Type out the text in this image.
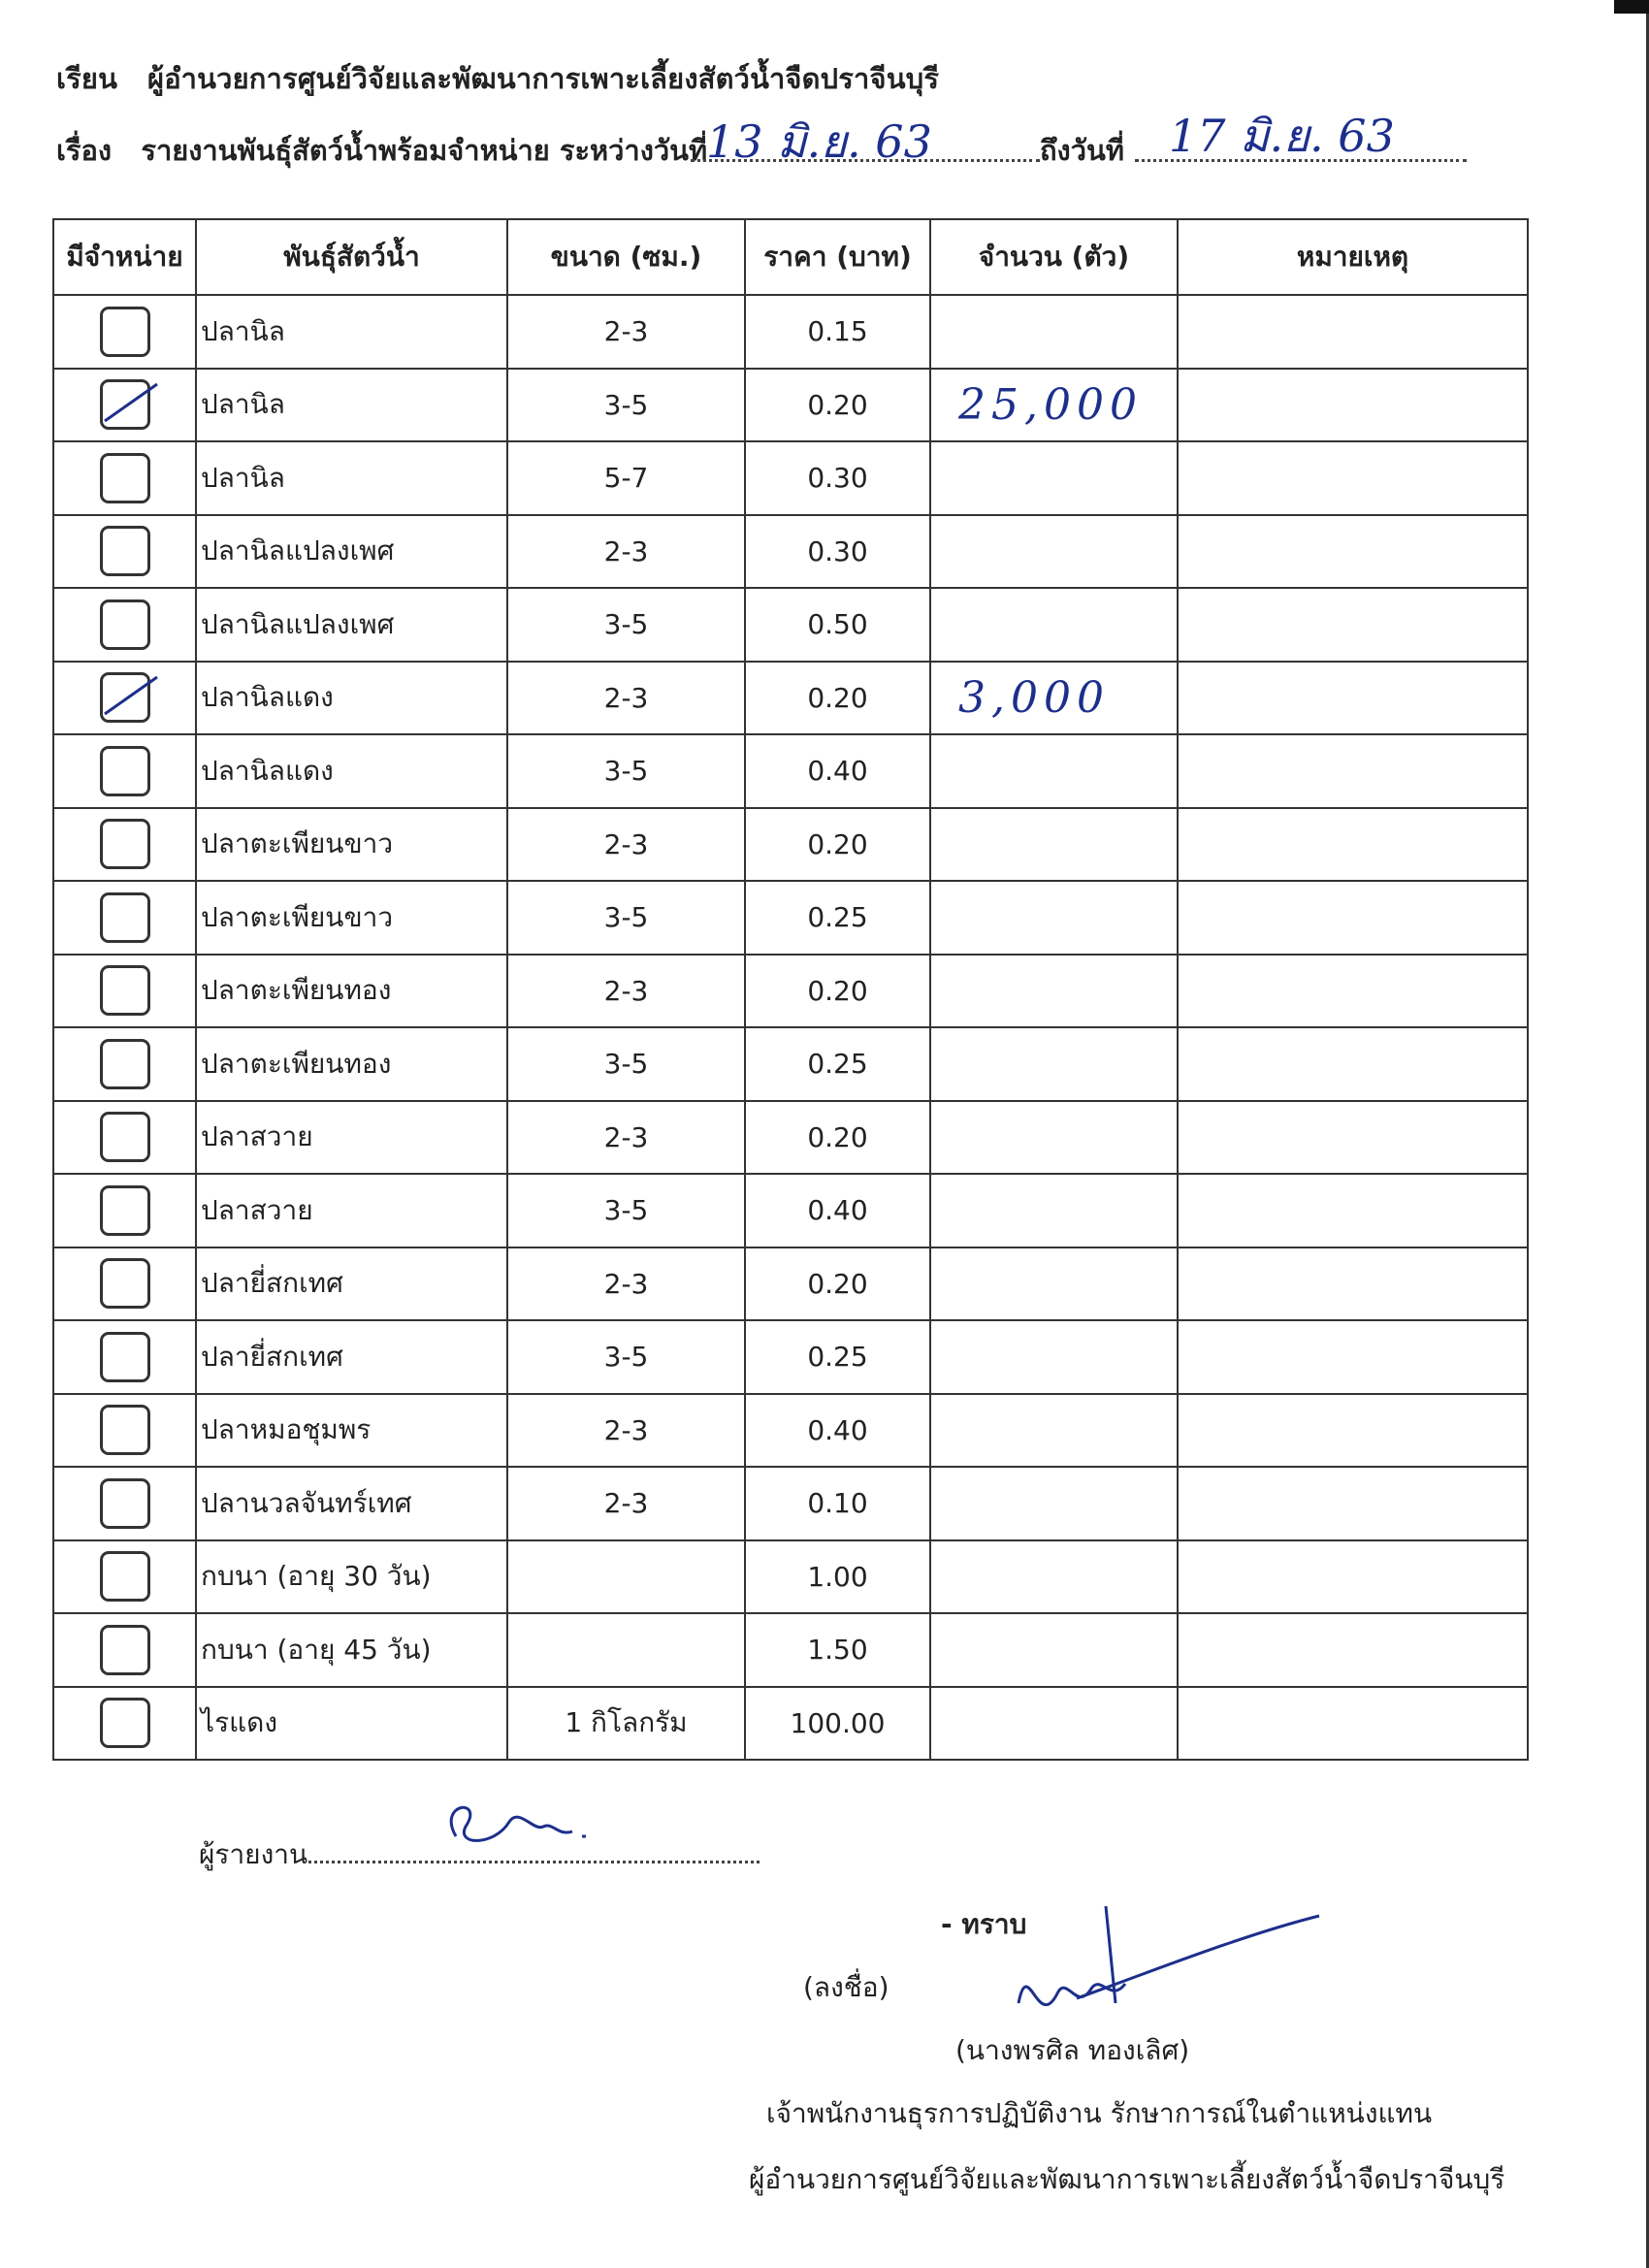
เรียน ผู้อำนวยการศูนย์วิจัยและพัฒนาการเพาะเลี้ยงสัตว์น้ำจืดปราจีนบุรี
เรื่อง รายงานพันธุ์สัตว์น้ำพร้อมจำหน่าย ระหว่างวันที่
13 มิ.ย. 63	ถึงวันที่ 17 มิ.ย. 63
มีจำหน่าย	พันธุ์สัตว์น้ำ	ขนาด (ซม.)	ราคา (บาท)	จำนวน (ตัว)	หมายเหตุ
	ปลานิล	2-3	0.15		

	ปลานิล	3-5	0.20	25,000	
	ปลานิล	5-7	0.30		
	ปลานิลแปลงเพศ	2-3	0.30		
	ปลานิลแปลงเพศ	3-5	0.50		

	ปลานิลแดง	2-3	0.20	3,000	
	ปลานิลแดง	3-5	0.40		
	ปลาตะเพียนขาว	2-3	0.20		
	ปลาตะเพียนขาว	3-5	0.25		
	ปลาตะเพียนทอง	2-3	0.20		
	ปลาตะเพียนทอง	3-5	0.25		
	ปลาสวาย	2-3	0.20		
	ปลาสวาย	3-5	0.40		
	ปลายี่สกเทศ	2-3	0.20		
	ปลายี่สกเทศ	3-5	0.25		
	ปลาหมอชุมพร	2-3	0.40		
	ปลานวลจันทร์เทศ	2-3	0.10		
	กบนา (อายุ 30 วัน)		1.00		
	กบนา (อายุ 45 วัน)		1.50		
	ไรแดง	1 กิโลกรัม	100.00		
ผู้รายงาน
- ทราบ
(ลงชื่อ)
(นางพรศิล ทองเลิศ)
เจ้าพนักงานธุรการปฏิบัติงาน รักษาการณ์ในตำแหน่งแทน
ผู้อำนวยการศูนย์วิจัยและพัฒนาการเพาะเลี้ยงสัตว์น้ำจืดปราจีนบุรี
